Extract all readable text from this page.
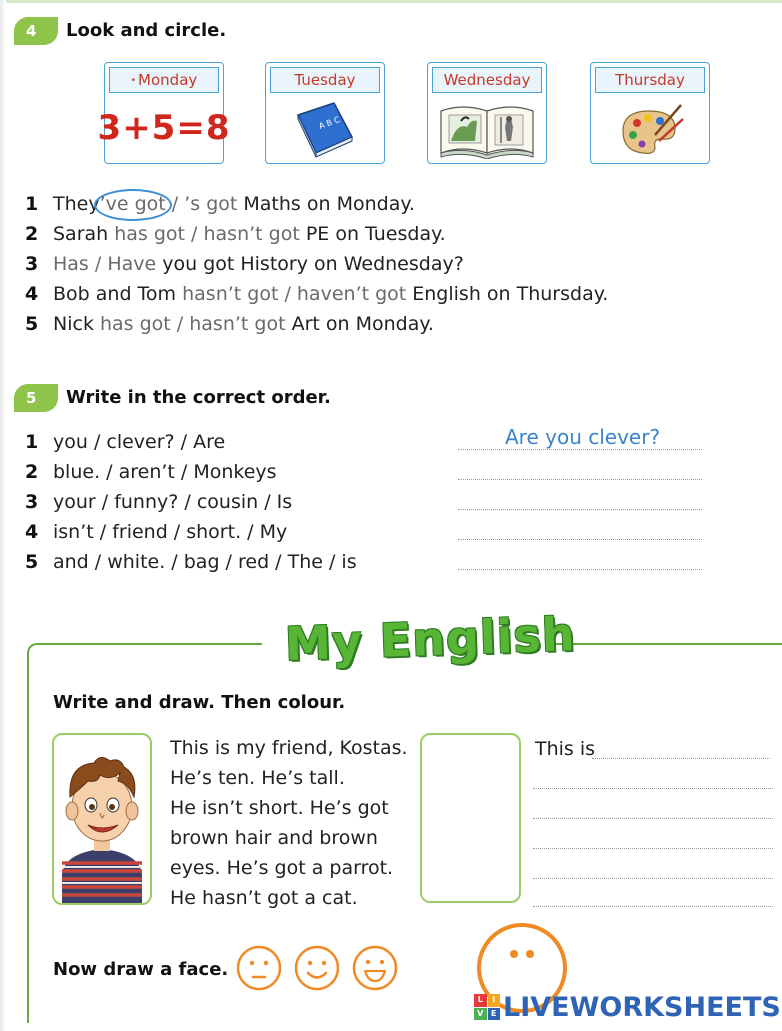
4	Look and circle.
• Monday
3+5=8
Tuesday
A B C
Wednesday	Thursday
1 They’ve got / ’s got Maths on Monday.
2 Sarah has got / hasn’t got PE on Tuesday.
3 Has / Have you got History on Wednesday?
4 Bob and Tom hasn’t got / haven’t got English on Thursday.
5 Nick has got / hasn’t got Art on Monday.
5	Write in the correct order.
1 you / clever? / Are
2 blue. / aren’t / Monkeys
3 your / funny? / cousin / Is
4 isn’t / friend / short. / My
5 and / white. / bag / red / The / is
Are you clever?
My English
Write and draw. Then colour.
This is my friend, Kostas.
He’s ten. He’s tall.
He isn’t short. He’s got
brown hair and brown
eyes. He’s got a parrot.
He hasn’t got a cat.
This is
Now draw a face.
L	I
V E LIVEWORKSHEETS
